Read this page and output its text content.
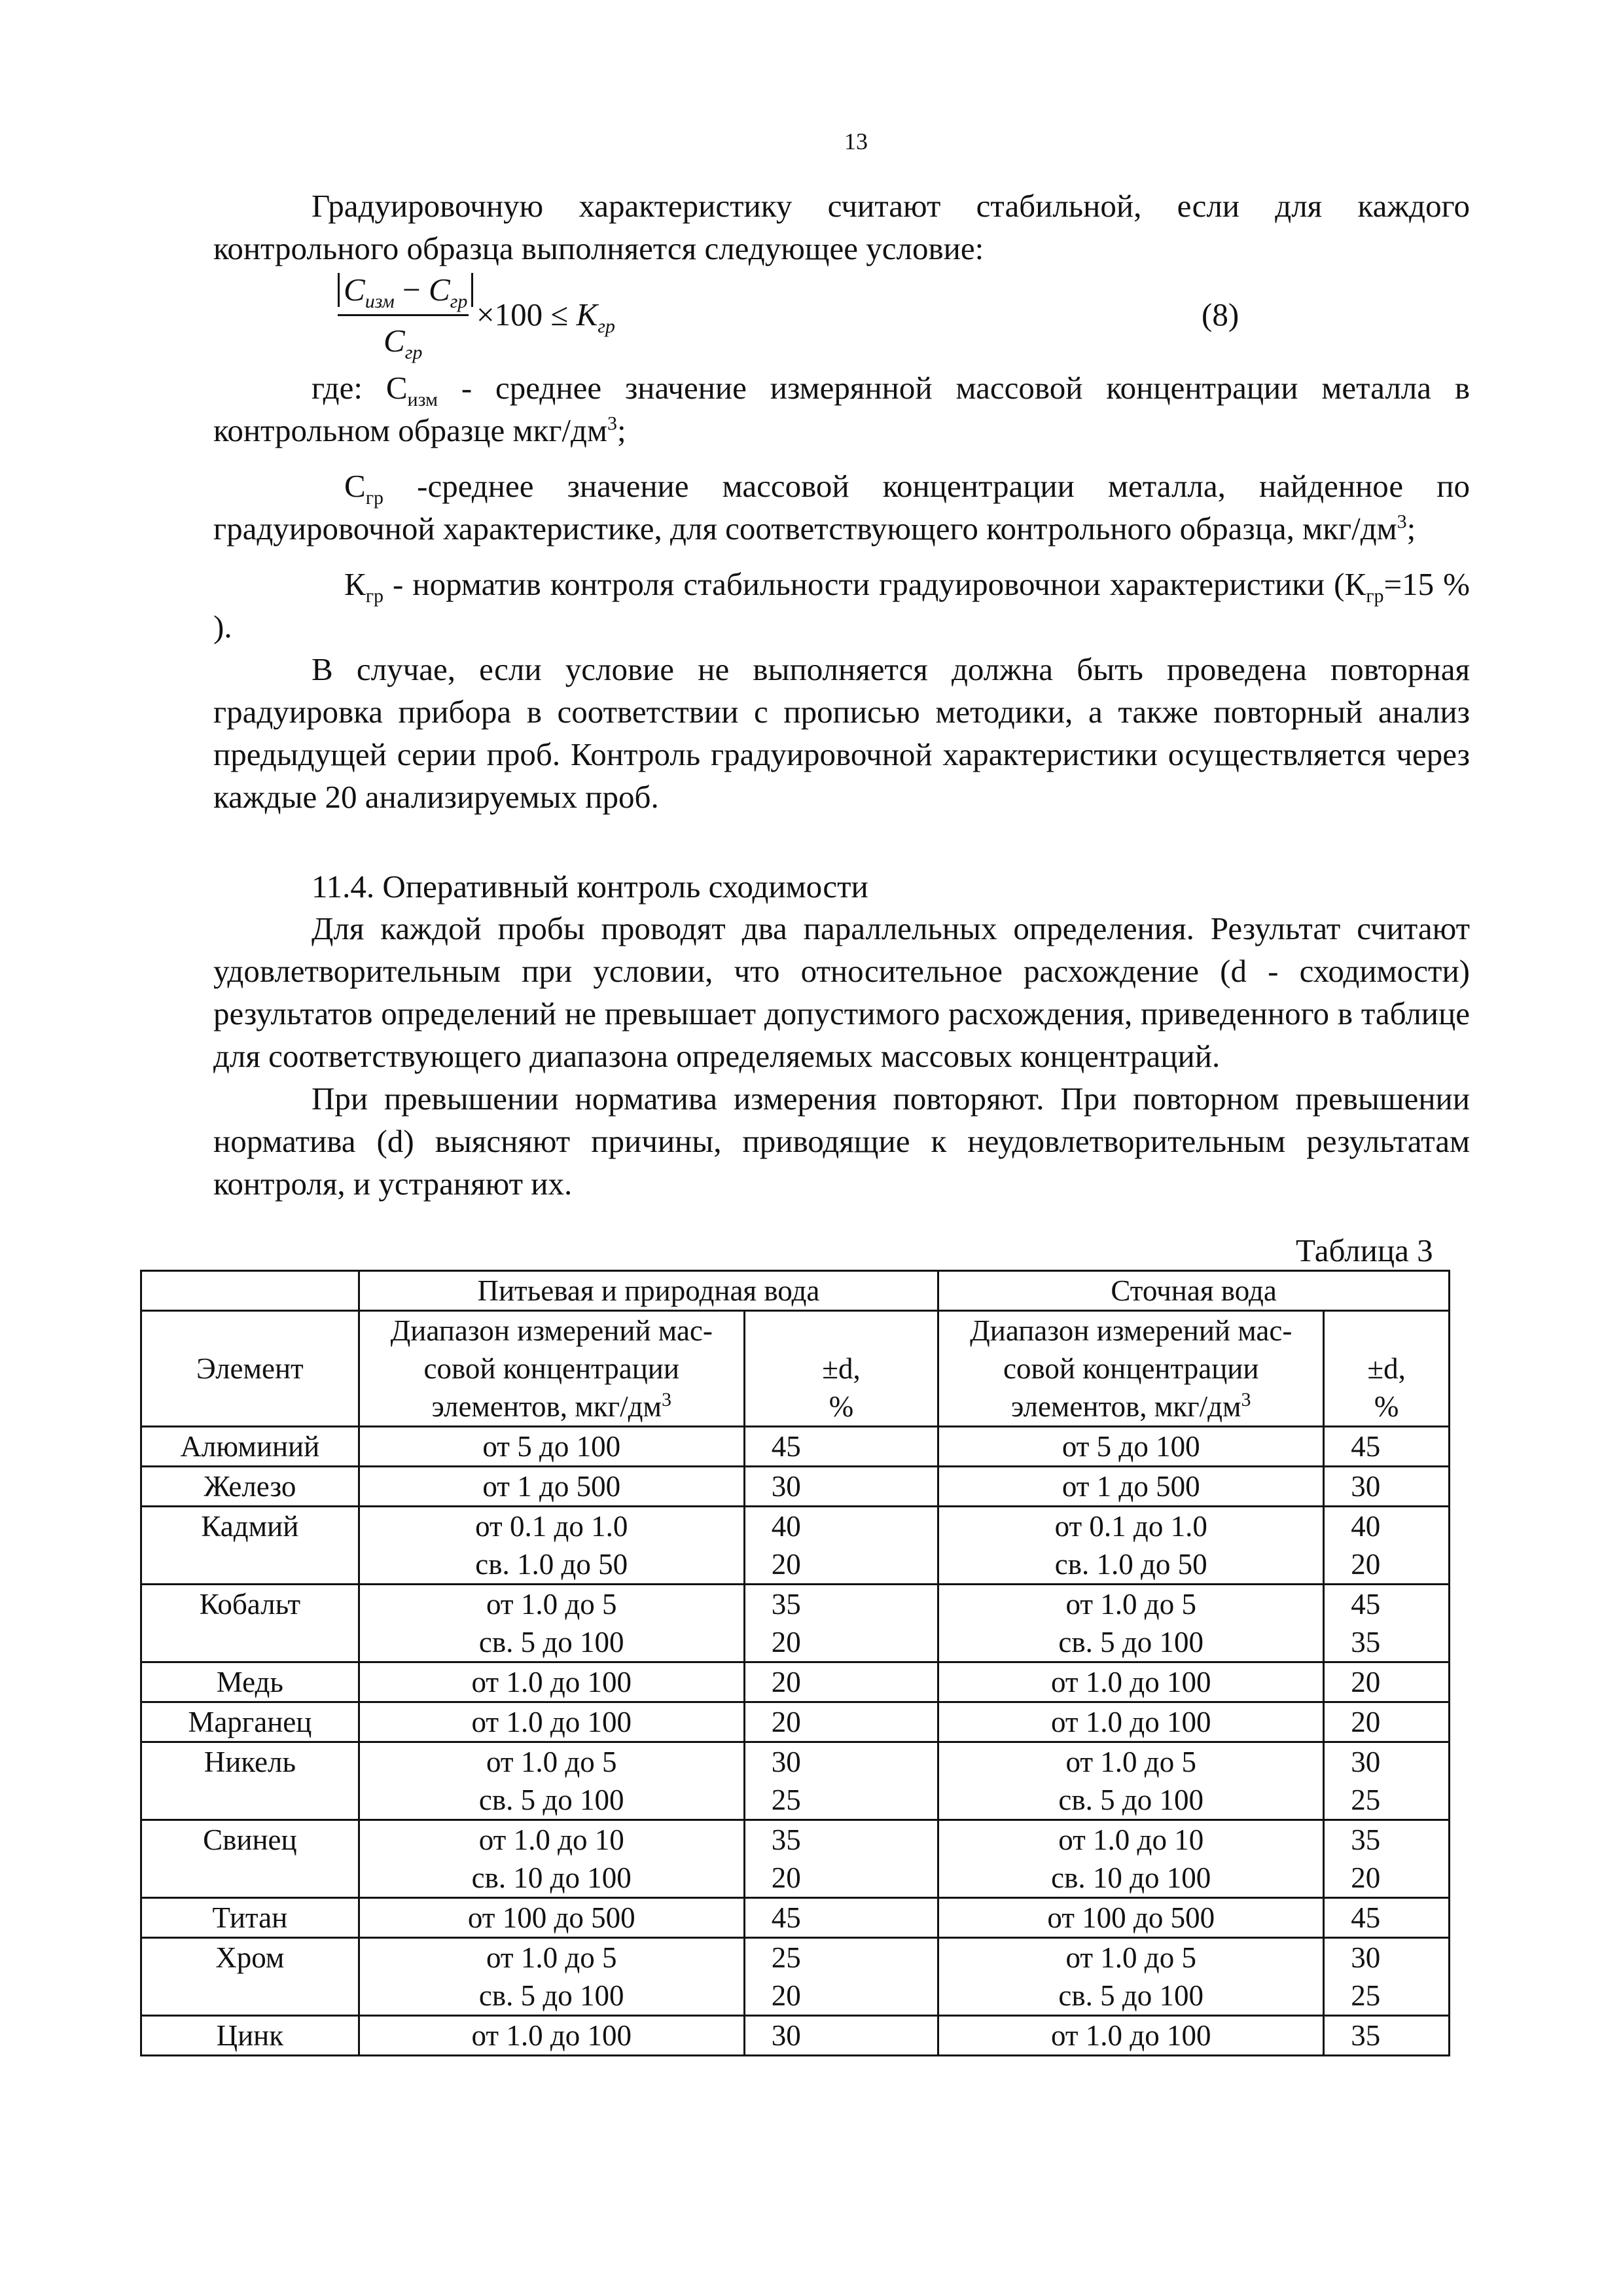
13

Градуировочную характеристику считают стабильной, если для каждого контрольного образца выполняется следующее условие:

$C_{изм} - C_{гр}$
$C_{гр}$
$\times 100 \le K_{гр}$	(8)

где: $С_{изм}$ - среднее значение измерянной массовой концентрации металла в контрольном образце мкг/$дм^3$;

$С_{гр}$ -среднее значение массовой концентрации металла, найденное по градуировочной характеристике, для соответствующего контрольного образца, мкг/$дм^3$;

$К_{гр}$ - норматив контроля стабильности градуировочнои характеристики ($К_{гр}=15$ % ).

В случае, если условие не выполняется должна быть проведена повторная градуировка прибора в соответствии с прописью методики, а также повторный анализ предыдущей серии проб. Контроль градуировочной характеристики осуществляется через каждые 20 анализируемых проб.

11.4. Оперативный контроль сходимости

Для каждой пробы проводят два параллельных определения. Результат считают удовлетворительным при условии, что относительное расхождение (d - сходимости) результатов определений не превышает допустимого расхождения, приведенного в таблице для соответствующего диапазона определяемых массовых концентраций.

При превышении норматива измерения повторяют. При повторном превышении норматива (d) выясняют причины, приводящие к неудовлетворительным результатам контроля, и устраняют их.

Таблица 3
	Питьевая и природная вода		Сточная вода	
Элемент	Диапазон измерений мас-
совой концентрации
элементов, мкг/$дм^3$	±d,
%	Диапазон измерений мас-
совой концентрации
элементов, мкг/$дм^3$	±d,
%

Алюминий	от 5 до 100	45	от 5 до 100	45

Железо	от 1 до 500	30	от 1 до 500	30

Кадмий	от 0.1 до 1.0
св. 1.0 до 50	40
20	от 0.1 до 1.0
св. 1.0 до 50	40
20

Кобальт	от 1.0 до 5
св. 5 до 100	35
20	от 1.0 до 5
св. 5 до 100	45
35

Медь	от 1.0 до 100	20	от 1.0 до 100	20

Марганец	от 1.0 до 100	20	от 1.0 до 100	20

Никель	от 1.0 до 5
св. 5 до 100	30
25	от 1.0 до 5
св. 5 до 100	30
25

Свинец	от 1.0 до 10
св. 10 до 100	35
20	от 1.0 до 10
св. 10 до 100	35
20

Титан	от 100 до 500	45	от 100 до 500	45

Хром	от 1.0 до 5
св. 5 до 100	25
20	от 1.0 до 5
св. 5 до 100	30
25

Цинк	от 1.0 до 100	30	от 1.0 до 100	35
